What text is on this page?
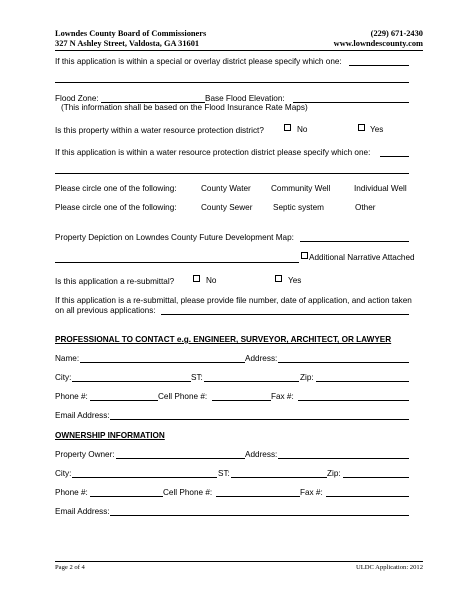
Lowndes County Board of Commissioners
327 N Ashley Street, Valdosta, GA 31601
(229) 671-2430
www.lowndescounty.com
If this application is within a special or overlay district please specify which one:
Flood Zone:	Base Flood Elevation:
(This information shall be based on the Flood Insurance Rate Maps)
Is this property within a water resource protection district?	No	Yes
If this application is within a water resource protection district please specify which one:
Please circle one of the following:	County Water Community Well	Individual Well
Please circle one of the following:	County Sewer	Septic system	Other
Property Depiction on Lowndes County Future Development Map:
Additional Narrative Attached
Is this application a re-submittal?	No	Yes
If this application is a re-submittal, please provide file number, date of application, and action taken
on all previous applications:
PROFESSIONAL TO CONTACT e.g. ENGINEER, SURVEYOR, ARCHITECT, OR LAWYER
Name:	Address:
City:	ST:	Zip:
Phone #:	Cell Phone #:	Fax #:
Email Address:
OWNERSHIP INFORMATION
Property Owner:	Address:
City:	ST:	Zip:
Phone #:	Cell Phone #:	Fax #:
Email Address:
Page 2 of 4	ULDC Application: 2012
